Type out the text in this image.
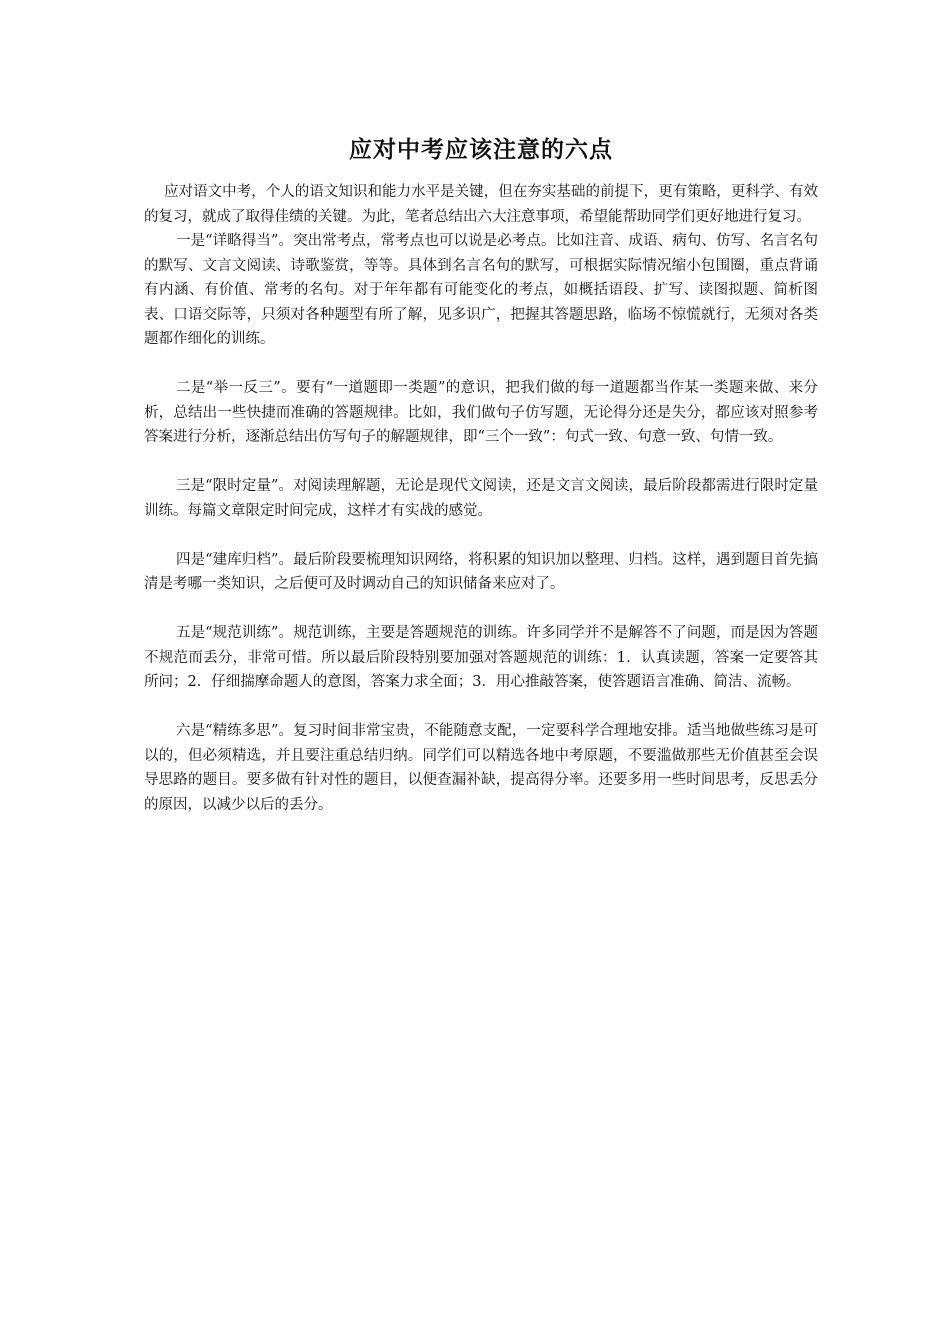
应对中考应该注意的六点

应对语文中考，个人的语文知识和能力水平是关键，但在夯实基础的前提下，更有策略，更科学、有效的复习，就成了取得佳绩的关键。为此，笔者总结出六大注意事项，希望能帮助同学们更好地进行复习。

一是“详略得当”。突出常考点，常考点也可以说是必考点。比如注音、成语、病句、仿写、名言名句的默写、文言文阅读、诗歌鉴赏，等等。具体到名言名句的默写，可根据实际情况缩小包围圈，重点背诵有内涵、有价值、常考的名句。对于年年都有可能变化的考点，如概括语段、扩写、读图拟题、简析图表、口语交际等，只须对各种题型有所了解，见多识广，把握其答题思路，临场不惊慌就行，无须对各类题都作细化的训练。

二是“举一反三”。要有“一道题即一类题”的意识，把我们做的每一道题都当作某一类题来做、来分析，总结出一些快捷而准确的答题规律。比如，我们做句子仿写题，无论得分还是失分，都应该对照参考答案进行分析，逐渐总结出仿写句子的解题规律，即“三个一致”：句式一致、句意一致、句情一致。

三是“限时定量”。对阅读理解题，无论是现代文阅读，还是文言文阅读，最后阶段都需进行限时定量训练。每篇文章限定时间完成，这样才有实战的感觉。

四是“建库归档”。最后阶段要梳理知识网络，将积累的知识加以整理、归档。这样，遇到题目首先搞清是考哪一类知识，之后便可及时调动自己的知识储备来应对了。

五是“规范训练”。规范训练，主要是答题规范的训练。许多同学并不是解答不了问题，而是因为答题不规范而丢分，非常可惜。所以最后阶段特别要加强对答题规范的训练：1．认真读题，答案一定要答其所问；2．仔细揣摩命题人的意图，答案力求全面；3．用心推敲答案，使答题语言准确、简洁、流畅。

六是“精练多思”。复习时间非常宝贵，不能随意支配，一定要科学合理地安排。适当地做些练习是可以的，但必须精选，并且要注重总结归纳。同学们可以精选各地中考原题，不要滥做那些无价值甚至会误导思路的题目。要多做有针对性的题目，以便查漏补缺，提高得分率。还要多用一些时间思考，反思丢分的原因，以减少以后的丢分。
